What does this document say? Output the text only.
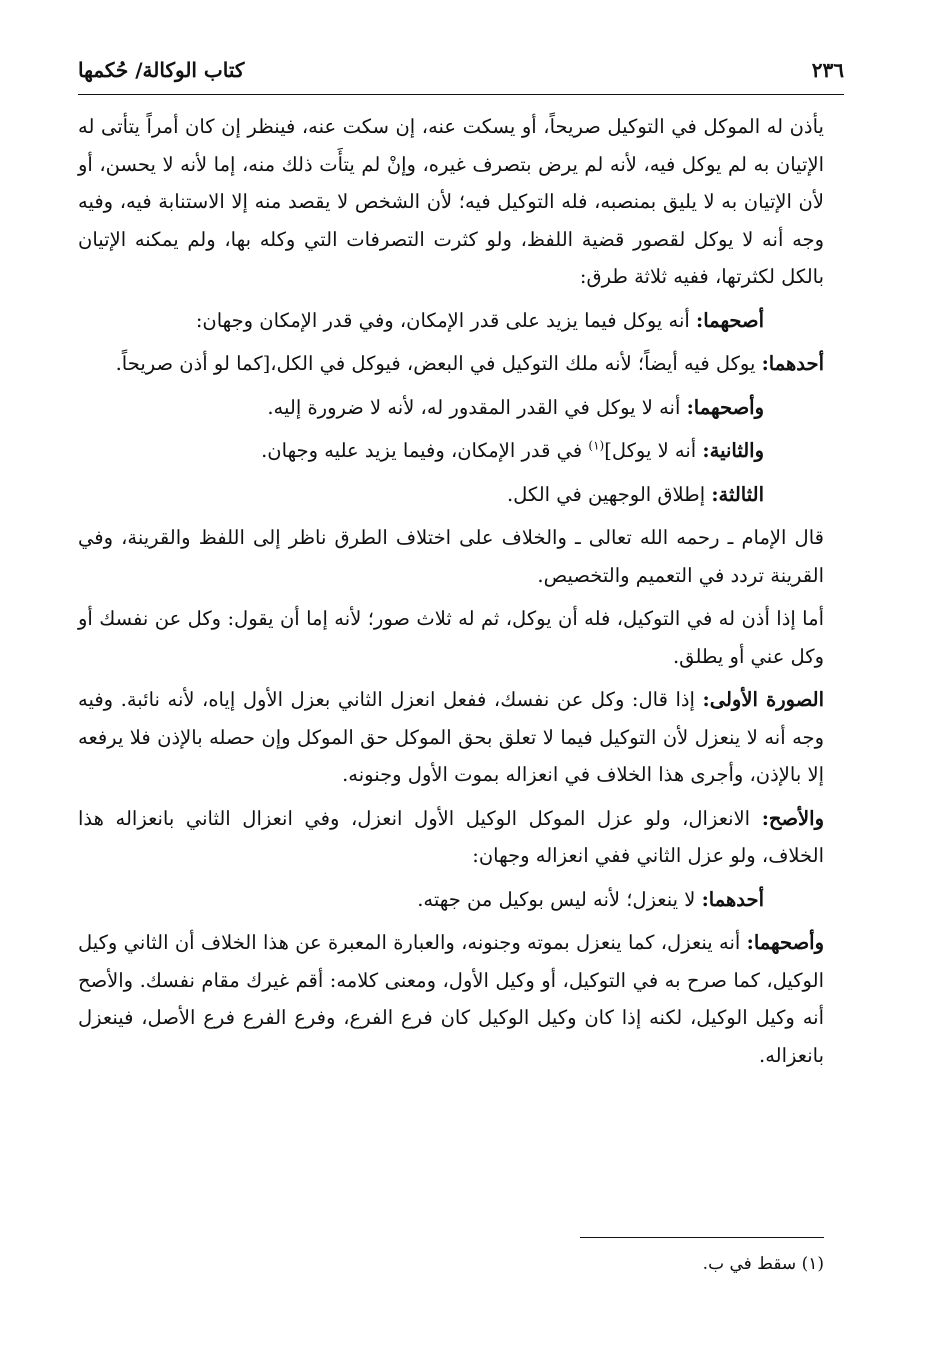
٢٣٦
كتاب الوكالة/ حُكمها

يأذن له الموكل في التوكيل صريحاً، أو يسكت عنه، إن سكت عنه، فينظر إن كان أمراً يتأتى له الإتيان به لم يوكل فيه، لأنه لم يرض بتصرف غيره، وإنْ لم يتأَت ذلك منه، إما لأنه لا يحسن، أو لأن الإتيان به لا يليق بمنصبه، فله التوكيل فيه؛ لأن الشخص لا يقصد منه إلا الاستنابة فيه، وفيه وجه أنه لا يوكل لقصور قضية اللفظ، ولو كثرت التصرفات التي وكله بها، ولم يمكنه الإتيان بالكل لكثرتها، ففيه ثلاثة طرق:

أصحهما: أنه يوكل فيما يزيد على قدر الإمكان، وفي قدر الإمكان وجهان:

أحدهما: يوكل فيه أيضاً؛ لأنه ملك التوكيل في البعض، فيوكل في الكل،[كما لو أذن صريحاً.

وأصحهما: أنه لا يوكل في القدر المقدور له، لأنه لا ضرورة إليه.

والثانية: أنه لا يوكل]$^{(١)}$ في قدر الإمكان، وفيما يزيد عليه وجهان.

الثالثة: إطلاق الوجهين في الكل.

قال الإمام ـ رحمه الله تعالى ـ والخلاف على اختلاف الطرق ناظر إلى اللفظ والقرينة، وفي القرينة تردد في التعميم والتخصيص.

أما إذا أذن له في التوكيل، فله أن يوكل، ثم له ثلاث صور؛ لأنه إما أن يقول: وكل عن نفسك أو وكل عني أو يطلق.

الصورة الأولى: إذا قال: وكل عن نفسك، ففعل انعزل الثاني بعزل الأول إياه، لأنه نائبة. وفيه وجه أنه لا ينعزل لأن التوكيل فيما لا تعلق بحق الموكل حق الموكل وإن حصله بالإذن فلا يرفعه إلا بالإذن، وأجرى هذا الخلاف في انعزاله بموت الأول وجنونه.

والأصح: الانعزال، ولو عزل الموكل الوكيل الأول انعزل، وفي انعزال الثاني بانعزاله هذا الخلاف، ولو عزل الثاني ففي انعزاله وجهان:

أحدهما: لا ينعزل؛ لأنه ليس بوكيل من جهته.

وأصحهما: أنه ينعزل، كما ينعزل بموته وجنونه، والعبارة المعبرة عن هذا الخلاف أن الثاني وكيل الوكيل، كما صرح به في التوكيل، أو وكيل الأول، ومعنى كلامه: أقم غيرك مقام نفسك. والأصح أنه وكيل الوكيل، لكنه إذا كان وكيل الوكيل كان فرع الفرع، وفرع الفرع فرع الأصل، فينعزل بانعزاله.

(١) سقط في ب.
